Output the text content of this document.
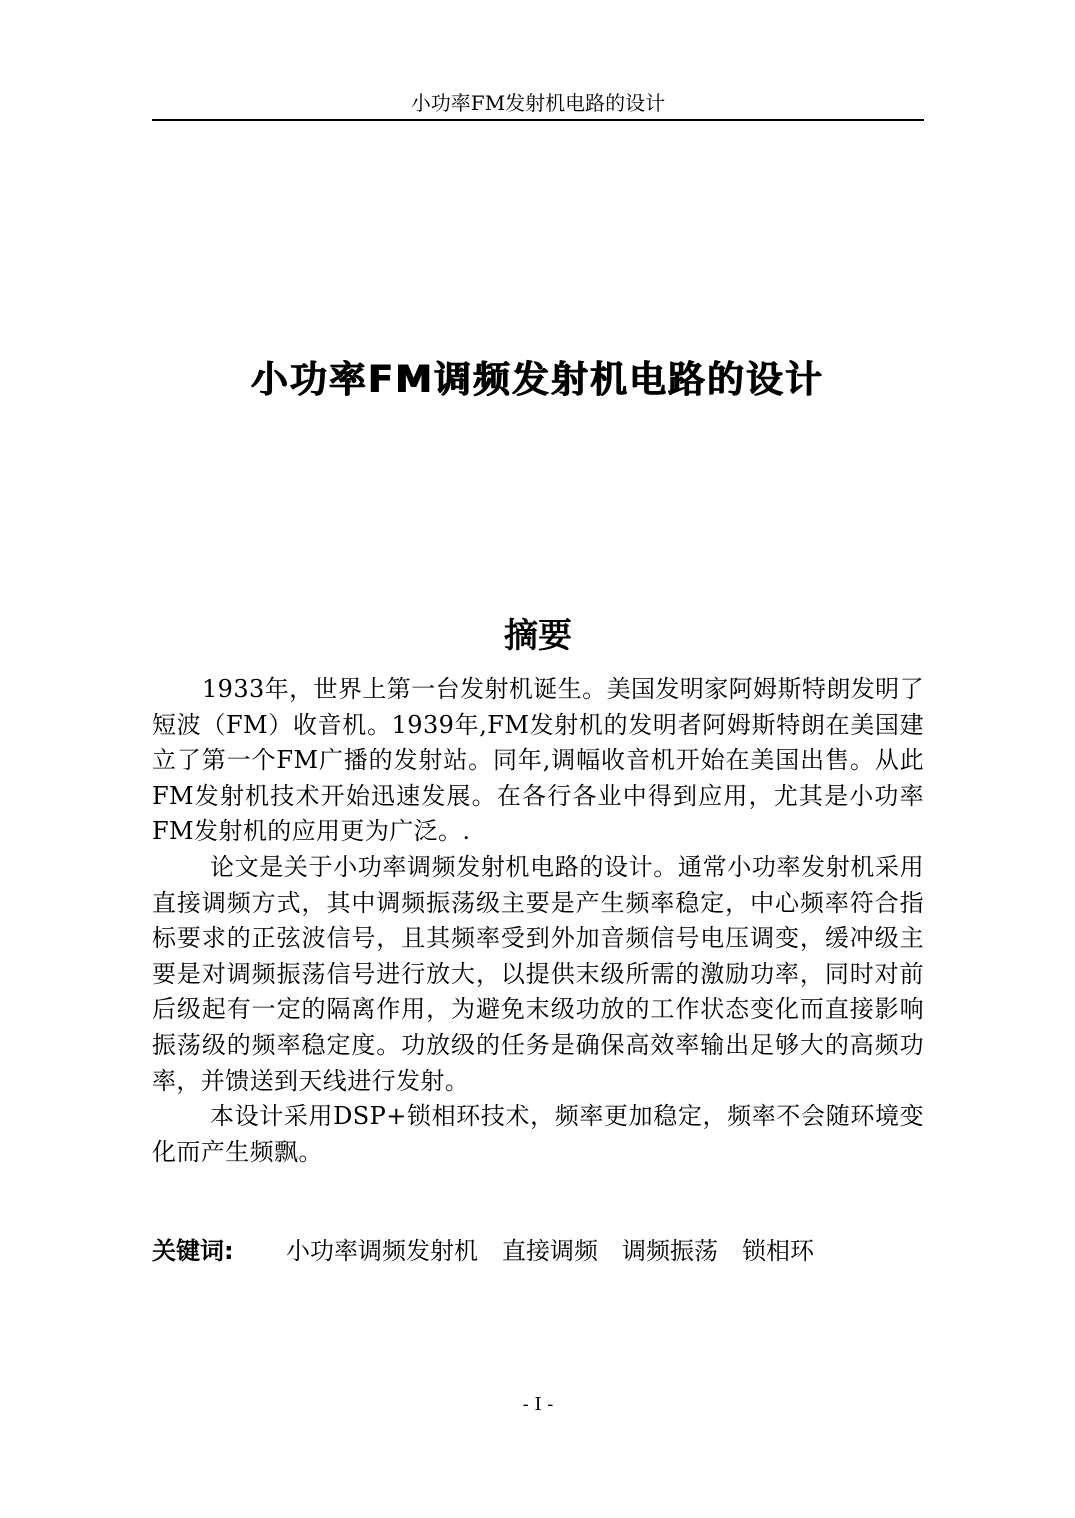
小功率FM发射机电路的设计
小功率FM调频发射机电路的设计
摘要

1933年，世界上第一台发射机诞生。美国发明家阿姆斯特朗发明了短波（FM）收音机。1939年,FM发射机的发明者阿姆斯特朗在美国建立了第一个FM广播的发射站。同年,调幅收音机开始在美国出售。从此FM发射机技术开始迅速发展。在各行各业中得到应用，尤其是小功率FM发射机的应用更为广泛。.

论文是关于小功率调频发射机电路的设计。通常小功率发射机采用直接调频方式，其中调频振荡级主要是产生频率稳定，中心频率符合指标要求的正弦波信号，且其频率受到外加音频信号电压调变，缓冲级主要是对调频振荡信号进行放大，以提供末级所需的激励功率，同时对前后级起有一定的隔离作用，为避免末级功放的工作状态变化而直接影响振荡级的频率稳定度。功放级的任务是确保高效率输出足够大的高频功率，并馈送到天线进行发射。

本设计采用DSP+锁相环技术，频率更加稳定，频率不会随环境变化而产生频飘。

关键词: 小功率调频发射机 直接调频 调频振荡 锁相环
- I -
